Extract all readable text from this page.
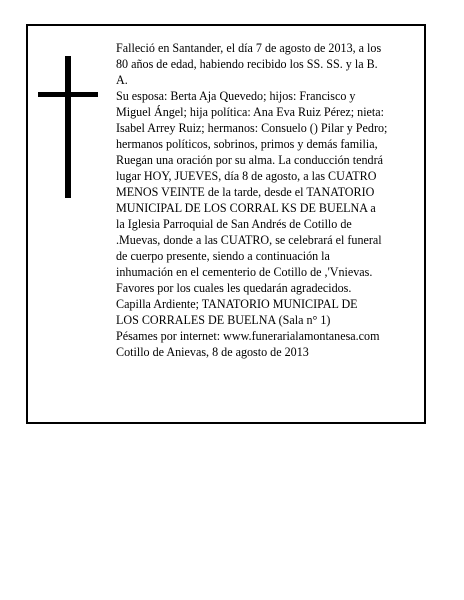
Falleció en Santander, el día 7 de agosto de 2013, a los
80 años de edad, habiendo recibido los SS. SS. y la B.
A.
Su esposa: Berta Aja Quevedo; hijos: Francisco y
Miguel Ángel; hija política: Ana Eva Ruiz Pérez; nieta:
Isabel Arrey Ruiz; hermanos: Consuelo () Pilar y Pedro;
hermanos políticos, sobrinos, primos y demás familia,
Ruegan una oración por su alma. La conducción tendrá
lugar HOY, JUEVES, día 8 de agosto, a las CUATRO
MENOS VEINTE de la tarde, desde el TANATORIO
MUNICIPAL DE LOS CORRAL KS DE BUELNA a
la Iglesia Parroquial de San Andrés de Cotillo de
.Muevas, donde a las CUATRO, se celebrará el funeral
de cuerpo presente, siendo a continuación la
inhumación en el cementerio de Cotillo de ,'Vnievas.
Favores por los cuales les quedarán agradecidos.
Capilla Ardiente; TANATORIO MUNICIPAL DE
LOS CORRALES DE BUELNA (Sala n° 1)
Pésames por internet: www.funerarialamontanesa.com
Cotillo de Anievas, 8 de agosto de 2013
